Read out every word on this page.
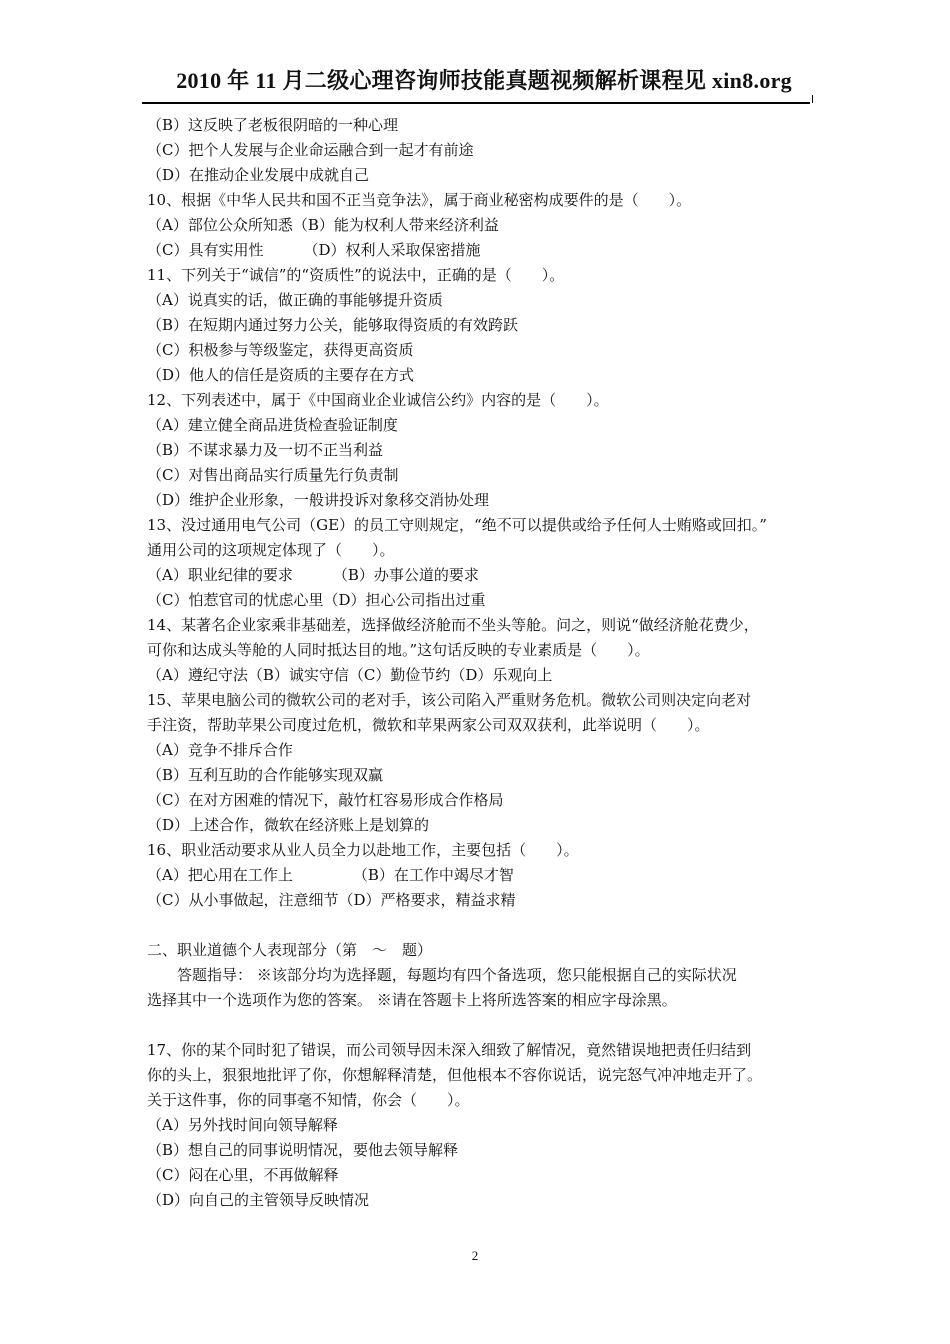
2010 年 11 月二级心理咨询师技能真题视频解析课程见 xin8.org
（B）这反映了老板很阴暗的一种心理
（C）把个人发展与企业命运融合到一起才有前途
（D）在推动企业发展中成就自己
10、根据《中华人民共和国不正当竞争法》，属于商业秘密构成要件的是（　　）。
（A）部位公众所知悉（B）能为权利人带来经济利益
（C）具有实用性	（D）权利人采取保密措施
11、下列关于“诚信”的“资质性”的说法中，正确的是（　　）。
（A）说真实的话，做正确的事能够提升资质
（B）在短期内通过努力公关，能够取得资质的有效跨跃
（C）积极参与等级鉴定，获得更高资质
（D）他人的信任是资质的主要存在方式
12、下列表述中，属于《中国商业企业诚信公约》内容的是（　　）。
（A）建立健全商品进货检查验证制度
（B）不谋求暴力及一切不正当利益
（C）对售出商品实行质量先行负责制
（D）维护企业形象，一般讲投诉对象移交消协处理
13、没过通用电气公司（GE）的员工守则规定，“绝不可以提供或给予任何人士贿赂或回扣。”
通用公司的这项规定体现了（　　）。
（A）职业纪律的要求	（B）办事公道的要求
（C）怕惹官司的忧虑心里（D）担心公司指出过重
14、某著名企业家乘非基础差，选择做经济舱而不坐头等舱。问之，则说“做经济舱花费少，
可你和达成头等舱的人同时抵达目的地。”这句话反映的专业素质是（　　）。
（A）遵纪守法（B）诚实守信（C）勤俭节约（D）乐观向上
15、苹果电脑公司的微软公司的老对手，该公司陷入严重财务危机。微软公司则决定向老对
手注资，帮助苹果公司度过危机，微软和苹果两家公司双双获利，此举说明（　　）。
（A）竞争不排斥合作
（B）互利互助的合作能够实现双赢
（C）在对方困难的情况下，敲竹杠容易形成合作格局
（D）上述合作，微软在经济账上是划算的
16、职业活动要求从业人员全力以赴地工作，主要包括（　　）。
（A）把心用在工作上	（B）在工作中竭尽才智
（C）从小事做起，注意细节（D）严格要求，精益求精
二、职业道德个人表现部分（第　～　题）
答题指导： ※该部分均为选择题，每题均有四个备选项，您只能根据自己的实际状况
选择其中一个选项作为您的答案。 ※请在答题卡上将所选答案的相应字母涂黑。
17、你的某个同时犯了错误，而公司领导因未深入细致了解情况，竟然错误地把责任归结到
你的头上，狠狠地批评了你，你想解释清楚，但他根本不容你说话，说完怒气冲冲地走开了。
关于这件事，你的同事毫不知情，你会（　　）。
（A）另外找时间向领导解释
（B）想自己的同事说明情况，要他去领导解释
（C）闷在心里，不再做解释
（D）向自己的主管领导反映情况
2
